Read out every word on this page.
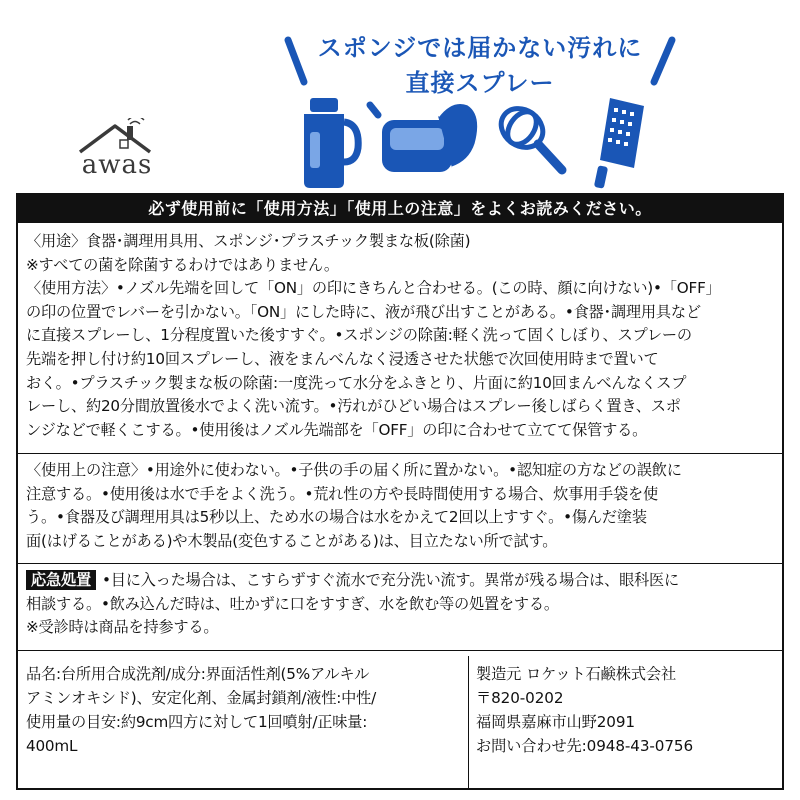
awas
スポンジでは届かない汚れに
直接スプレー
必ず使用前に「使用方法」「使用上の注意」をよくお読みください。
〈用途〉食器･調理用具用、スポンジ･プラスチック製まな板(除菌)
※すべての菌を除菌するわけではありません。
〈使用方法〉•ノズル先端を回して「ON」の印にきちんと合わせる。(この時、顔に向けない)•「OFF」
の印の位置でレバーを引かない。「ON」にした時に、液が飛び出すことがある。•食器･調理用具など
に直接スプレーし、1分程度置いた後すすぐ。•スポンジの除菌:軽く洗って固くしぼり、スプレーの
先端を押し付け約10回スプレーし、液をまんべんなく浸透させた状態で次回使用時まで置いて
おく。•プラスチック製まな板の除菌:一度洗って水分をふきとり、片面に約10回まんべんなくスプ
レーし、約20分間放置後水でよく洗い流す。•汚れがひどい場合はスプレー後しばらく置き、スポ
ンジなどで軽くこする。•使用後はノズル先端部を「OFF」の印に合わせて立てて保管する。
〈使用上の注意〉•用途外に使わない。•子供の手の届く所に置かない。•認知症の方などの誤飲に
注意する。•使用後は水で手をよく洗う。•荒れ性の方や長時間使用する場合、炊事用手袋を使
う。•食器及び調理用具は5秒以上、ため水の場合は水をかえて2回以上すすぐ。•傷んだ塗装
面(はげることがある)や木製品(変色することがある)は、目立たない所で試す。
応急処置 •目に入った場合は、こすらずすぐ流水で充分洗い流す。異常が残る場合は、眼科医に
相談する。•飲み込んだ時は、吐かずに口をすすぎ、水を飲む等の処置をする。
※受診時は商品を持参する。
品名:台所用合成洗剤/成分:界面活性剤(5%アルキル
アミンオキシド)、安定化剤、金属封鎖剤/液性:中性/
使用量の目安:約9cm四方に対して1回噴射/正味量:
400mL
製造元 ロケット石鹸株式会社
〒820-0202
福岡県嘉麻市山野2091
お問い合わせ先:0948-43-0756
